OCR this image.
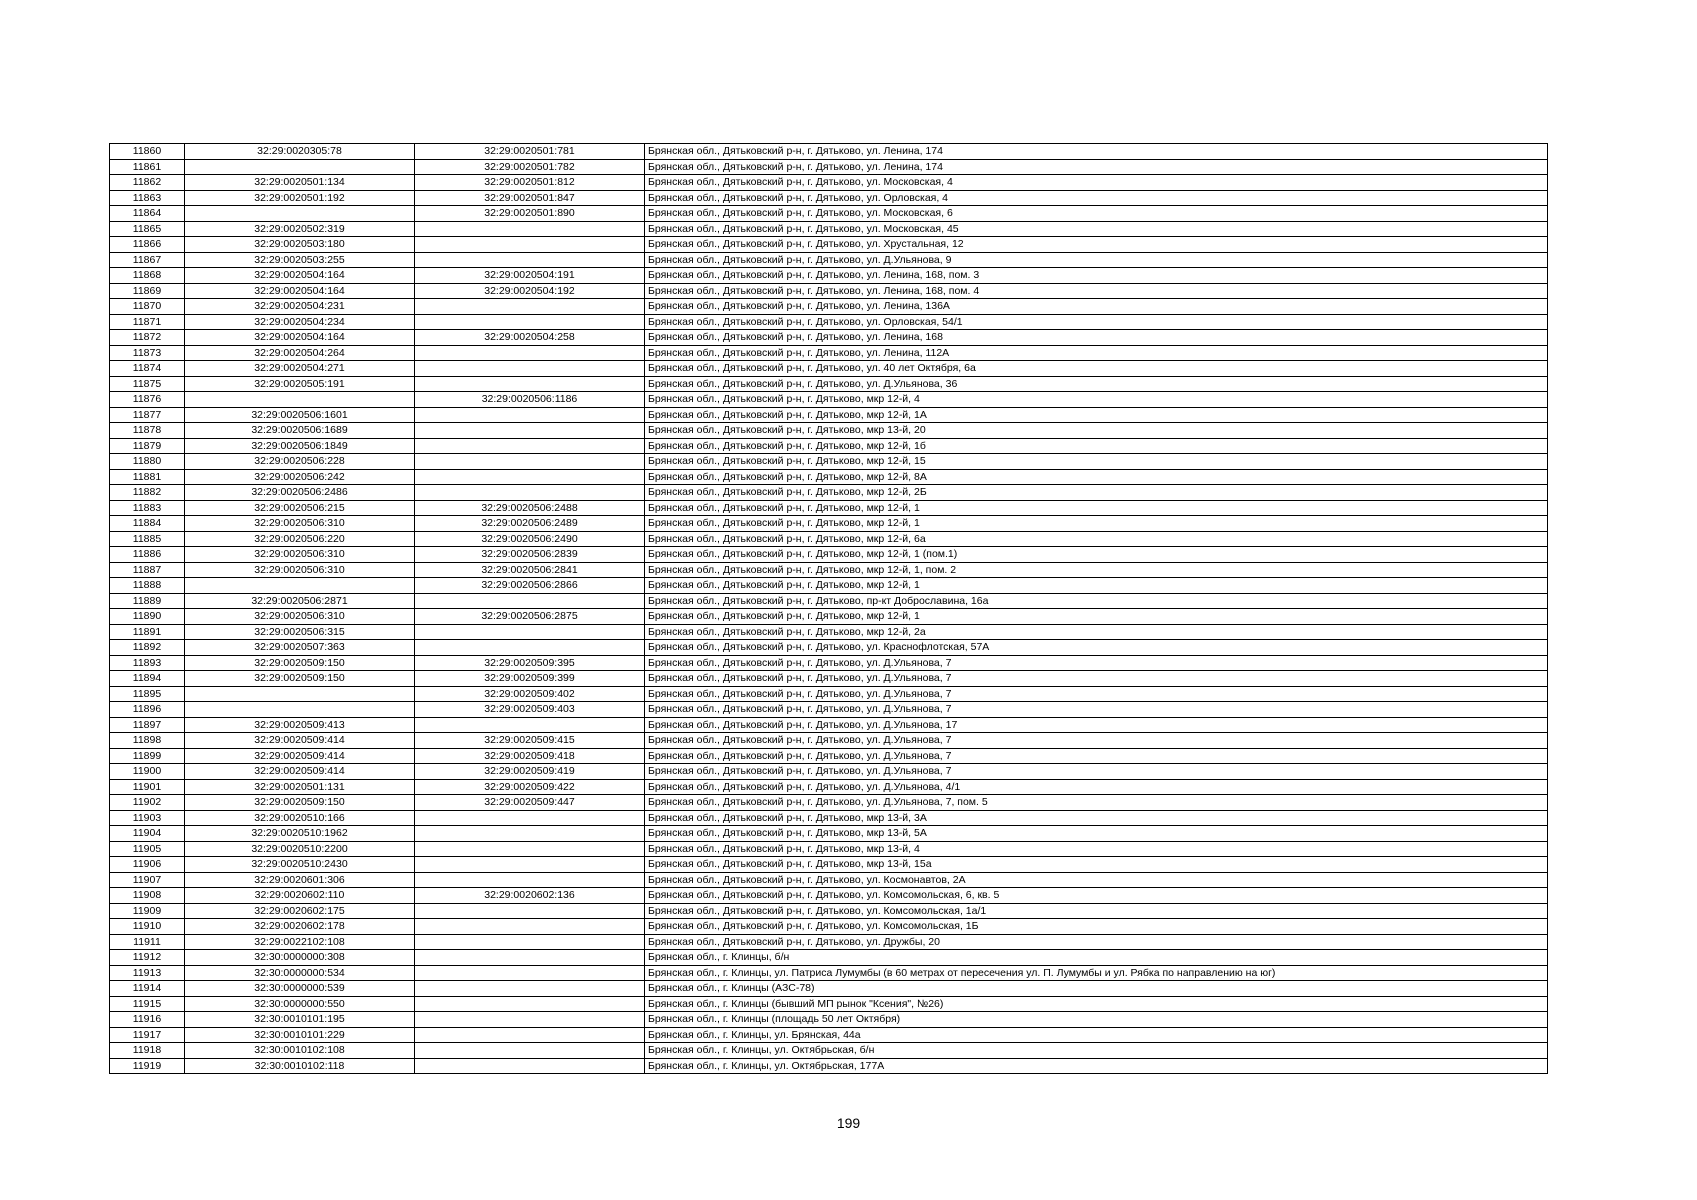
11860	32:29:0020305:78	32:29:0020501:781	Брянская обл., Дятьковский р-н, г. Дятьково, ул. Ленина, 174
11861		32:29:0020501:782	Брянская обл., Дятьковский р-н, г. Дятьково, ул. Ленина, 174
11862	32:29:0020501:134	32:29:0020501:812	Брянская обл., Дятьковский р-н, г. Дятьково, ул. Московская, 4
11863	32:29:0020501:192	32:29:0020501:847	Брянская обл., Дятьковский р-н, г. Дятьково, ул. Орловская, 4
11864		32:29:0020501:890	Брянская обл., Дятьковский р-н, г. Дятьково, ул. Московская, 6
11865	32:29:0020502:319		Брянская обл., Дятьковский р-н, г. Дятьково, ул. Московская, 45
11866	32:29:0020503:180		Брянская обл., Дятьковский р-н, г. Дятьково, ул. Хрустальная, 12
11867	32:29:0020503:255		Брянская обл., Дятьковский р-н, г. Дятьково, ул. Д.Ульянова, 9
11868	32:29:0020504:164	32:29:0020504:191	Брянская обл., Дятьковский р-н, г. Дятьково, ул. Ленина, 168, пом. 3
11869	32:29:0020504:164	32:29:0020504:192	Брянская обл., Дятьковский р-н, г. Дятьково, ул. Ленина, 168, пом. 4
11870	32:29:0020504:231		Брянская обл., Дятьковский р-н, г. Дятьково, ул. Ленина, 136А
11871	32:29:0020504:234		Брянская обл., Дятьковский р-н, г. Дятьково, ул. Орловская, 54/1
11872	32:29:0020504:164	32:29:0020504:258	Брянская обл., Дятьковский р-н, г. Дятьково, ул. Ленина, 168
11873	32:29:0020504:264		Брянская обл., Дятьковский р-н, г. Дятьково, ул. Ленина, 112А
11874	32:29:0020504:271		Брянская обл., Дятьковский р-н, г. Дятьково, ул. 40 лет Октября, 6а
11875	32:29:0020505:191		Брянская обл., Дятьковский р-н, г. Дятьково, ул. Д.Ульянова, 36
11876		32:29:0020506:1186	Брянская обл., Дятьковский р-н, г. Дятьково, мкр 12-й, 4
11877	32:29:0020506:1601		Брянская обл., Дятьковский р-н, г. Дятьково, мкр 12-й, 1А
11878	32:29:0020506:1689		Брянская обл., Дятьковский р-н, г. Дятьково, мкр 13-й, 20
11879	32:29:0020506:1849		Брянская обл., Дятьковский р-н, г. Дятьково, мкр 12-й, 1б
11880	32:29:0020506:228		Брянская обл., Дятьковский р-н, г. Дятьково, мкр 12-й, 15
11881	32:29:0020506:242		Брянская обл., Дятьковский р-н, г. Дятьково, мкр 12-й, 8А
11882	32:29:0020506:2486		Брянская обл., Дятьковский р-н, г. Дятьково, мкр 12-й, 2Б
11883	32:29:0020506:215	32:29:0020506:2488	Брянская обл., Дятьковский р-н, г. Дятьково, мкр 12-й, 1
11884	32:29:0020506:310	32:29:0020506:2489	Брянская обл., Дятьковский р-н, г. Дятьково, мкр 12-й, 1
11885	32:29:0020506:220	32:29:0020506:2490	Брянская обл., Дятьковский р-н, г. Дятьково, мкр 12-й, 6а
11886	32:29:0020506:310	32:29:0020506:2839	Брянская обл., Дятьковский р-н, г. Дятьково, мкр 12-й, 1 (пом.1)
11887	32:29:0020506:310	32:29:0020506:2841	Брянская обл., Дятьковский р-н, г. Дятьково, мкр 12-й, 1, пом. 2
11888		32:29:0020506:2866	Брянская обл., Дятьковский р-н, г. Дятьково, мкр 12-й, 1
11889	32:29:0020506:2871		Брянская обл., Дятьковский р-н, г. Дятьково, пр-кт Доброславина, 16а
11890	32:29:0020506:310	32:29:0020506:2875	Брянская обл., Дятьковский р-н, г. Дятьково, мкр 12-й, 1
11891	32:29:0020506:315		Брянская обл., Дятьковский р-н, г. Дятьково, мкр 12-й, 2а
11892	32:29:0020507:363		Брянская обл., Дятьковский р-н, г. Дятьково, ул. Краснофлотская, 57А
11893	32:29:0020509:150	32:29:0020509:395	Брянская обл., Дятьковский р-н, г. Дятьково, ул. Д.Ульянова, 7
11894	32:29:0020509:150	32:29:0020509:399	Брянская обл., Дятьковский р-н, г. Дятьково, ул. Д.Ульянова, 7
11895		32:29:0020509:402	Брянская обл., Дятьковский р-н, г. Дятьково, ул. Д.Ульянова, 7
11896		32:29:0020509:403	Брянская обл., Дятьковский р-н, г. Дятьково, ул. Д.Ульянова, 7
11897	32:29:0020509:413		Брянская обл., Дятьковский р-н, г. Дятьково, ул. Д.Ульянова, 17
11898	32:29:0020509:414	32:29:0020509:415	Брянская обл., Дятьковский р-н, г. Дятьково, ул. Д.Ульянова, 7
11899	32:29:0020509:414	32:29:0020509:418	Брянская обл., Дятьковский р-н, г. Дятьково, ул. Д.Ульянова, 7
11900	32:29:0020509:414	32:29:0020509:419	Брянская обл., Дятьковский р-н, г. Дятьково, ул. Д.Ульянова, 7
11901	32:29:0020501:131	32:29:0020509:422	Брянская обл., Дятьковский р-н, г. Дятьково, ул. Д.Ульянова, 4/1
11902	32:29:0020509:150	32:29:0020509:447	Брянская обл., Дятьковский р-н, г. Дятьково, ул. Д.Ульянова, 7, пом. 5
11903	32:29:0020510:166		Брянская обл., Дятьковский р-н, г. Дятьково, мкр 13-й, 3А
11904	32:29:0020510:1962		Брянская обл., Дятьковский р-н, г. Дятьково, мкр 13-й, 5А
11905	32:29:0020510:2200		Брянская обл., Дятьковский р-н, г. Дятьково, мкр 13-й, 4
11906	32:29:0020510:2430		Брянская обл., Дятьковский р-н, г. Дятьково, мкр 13-й, 15а
11907	32:29:0020601:306		Брянская обл., Дятьковский р-н, г. Дятьково, ул. Космонавтов, 2А
11908	32:29:0020602:110	32:29:0020602:136	Брянская обл., Дятьковский р-н, г. Дятьково, ул. Комсомольская, 6, кв. 5
11909	32:29:0020602:175		Брянская обл., Дятьковский р-н, г. Дятьково, ул. Комсомольская, 1а/1
11910	32:29:0020602:178		Брянская обл., Дятьковский р-н, г. Дятьково, ул. Комсомольская, 1Б
11911	32:29:0022102:108		Брянская обл., Дятьковский р-н, г. Дятьково, ул. Дружбы, 20
11912	32:30:0000000:308		Брянская обл., г. Клинцы, б/н
11913	32:30:0000000:534		Брянская обл., г. Клинцы, ул. Патриса Лумумбы (в 60 метрах от пересечения ул. П. Лумумбы и ул. Рябка по направлению на юг)
11914	32:30:0000000:539		Брянская обл., г. Клинцы (АЗС-78)
11915	32:30:0000000:550		Брянская обл., г. Клинцы (бывший МП рынок "Ксения", №26)
11916	32:30:0010101:195		Брянская обл., г. Клинцы (площадь 50 лет Октября)
11917	32:30:0010101:229		Брянская обл., г. Клинцы, ул. Брянская, 44а
11918	32:30:0010102:108		Брянская обл., г. Клинцы, ул. Октябрьская, б/н
11919	32:30:0010102:118		Брянская обл., г. Клинцы, ул. Октябрьская, 177А
199
